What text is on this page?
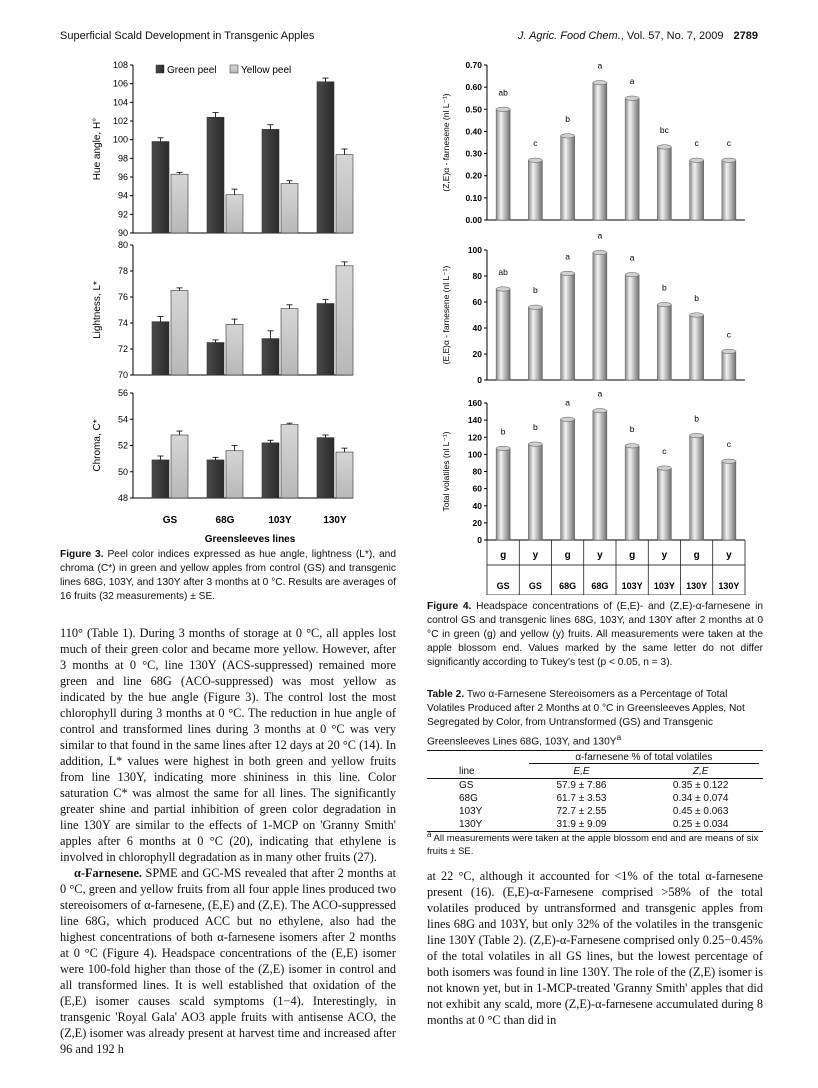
Superficial Scald Development in Transgenic Apples	J. Agric. Food Chem., Vol. 57, No. 7, 2009 2789
90
92
94
96
98
100
102
104
106
108
Hue angle, H°
Green peel Yellow peel
70
72
74
76
78
80
Lightness, L*
48
50
52
54
56
Chroma, C*
GS	68G	103Y	130Y
Greensleeves lines
0.00
0.10
0.20
0.30
0.40
0.50
0.60
0.70
(Z,E)α - farnesene (nl L⁻¹)
ab
c
b
a
a
bc
c	c
0
20
40
60
80
100
(E,E)α - farnesene (nl L⁻¹)	ab
b
a
a
a
b
b
c
0
20
40
60
80
100
120
140
160
Total volatiles (nl L⁻¹)
b	b
a
a
b
c
b
c
g	y	g	y	g	y	g	y
GS GS 68G 68G 103Y 103Y 130Y 130Y
Figure 3. Peel color indices expressed as hue angle, lightness (L*), and chroma (C*) in green and yellow apples from control (GS) and transgenic lines 68G, 103Y, and 130Y after 3 months at 0 °C. Results are averages of 16 fruits (32 measurements) ± SE.
Figure 4. Headspace concentrations of (E,E)- and (Z,E)-α-farnesene in control GS and transgenic lines 68G, 103Y, and 130Y after 2 months at 0 °C in green (g) and yellow (y) fruits. All measurements were taken at the apple blossom end. Values marked by the same letter do not differ significantly according to Tukey's test (p < 0.05, n = 3).
Table 2. Two α-Farnesene Stereoisomers as a Percentage of Total Volatiles Produced after 2 Months at 0 °C in Greensleeves Apples, Not Segregated by Color, from Untransformed (GS) and Transgenic Greensleeves Lines 68G, 103Y, and $130Y^a$

	α-farnesene % of total volatiles	

line	E,E	Z,E
GS	57.9 ± 7.86	0.35 ± 0.122
68G	61.7 ± 3.53	0.34 ± 0.074
103Y	72.7 ± 2.55	0.45 ± 0.063
130Y	31.9 ± 9.09	0.25 ± 0.034
$^a$ All measurements were taken at the apple blossom end and are means of six fruits ± SE.

110° (Table 1). During 3 months of storage at 0 °C, all apples lost much of their green color and became more yellow. However, after 3 months at 0 °C, line 130Y (ACS-suppressed) remained more green and line 68G (ACO-suppressed) was most yellow as indicated by the hue angle (Figure 3). The control lost the most chlorophyll during 3 months at 0 °C. The reduction in hue angle of control and transformed lines during 3 months at 0 °C was very similar to that found in the same lines after 12 days at 20 °C (14). In addition, L* values were highest in both green and yellow fruits from line 130Y, indicating more shininess in this line. Color saturation C* was almost the same for all lines. The significantly greater shine and partial inhibition of green color degradation in line 130Y are similar to the effects of 1-MCP on 'Granny Smith' apples after 6 months at 0 °C (20), indicating that ethylene is involved in chlorophyll degradation as in many other fruits (27).

α-Farnesene. SPME and GC-MS revealed that after 2 months at 0 °C, green and yellow fruits from all four apple lines produced two stereoisomers of α-farnesene, (E,E) and (Z,E). The ACO-suppressed line 68G, which produced ACC but no ethylene, also had the highest concentrations of both α-farnesene isomers after 2 months at 0 °C (Figure 4). Headspace concentrations of the (E,E) isomer were 100-fold higher than those of the (Z,E) isomer in control and all transformed lines. It is well established that oxidation of the (E,E) isomer causes scald symptoms (1−4). Interestingly, in transgenic 'Royal Gala' AO3 apple fruits with antisense ACO, the (Z,E) isomer was already present at harvest time and increased after 96 and 192 h

at 22 °C, although it accounted for <1% of the total α-farnesene present (16). (E,E)-α-Farnesene comprised >58% of the total volatiles produced by untransformed and transgenic apples from lines 68G and 103Y, but only 32% of the volatiles in the transgenic line 130Y (Table 2). (Z,E)-α-Farnesene comprised only 0.25−0.45% of the total volatiles in all GS lines, but the lowest percentage of both isomers was found in line 130Y. The role of the (Z,E) isomer is not known yet, but in 1-MCP-treated 'Granny Smith' apples that did not exhibit any scald, more (Z,E)-α-farnesene accumulated during 8 months at 0 °C than did in
